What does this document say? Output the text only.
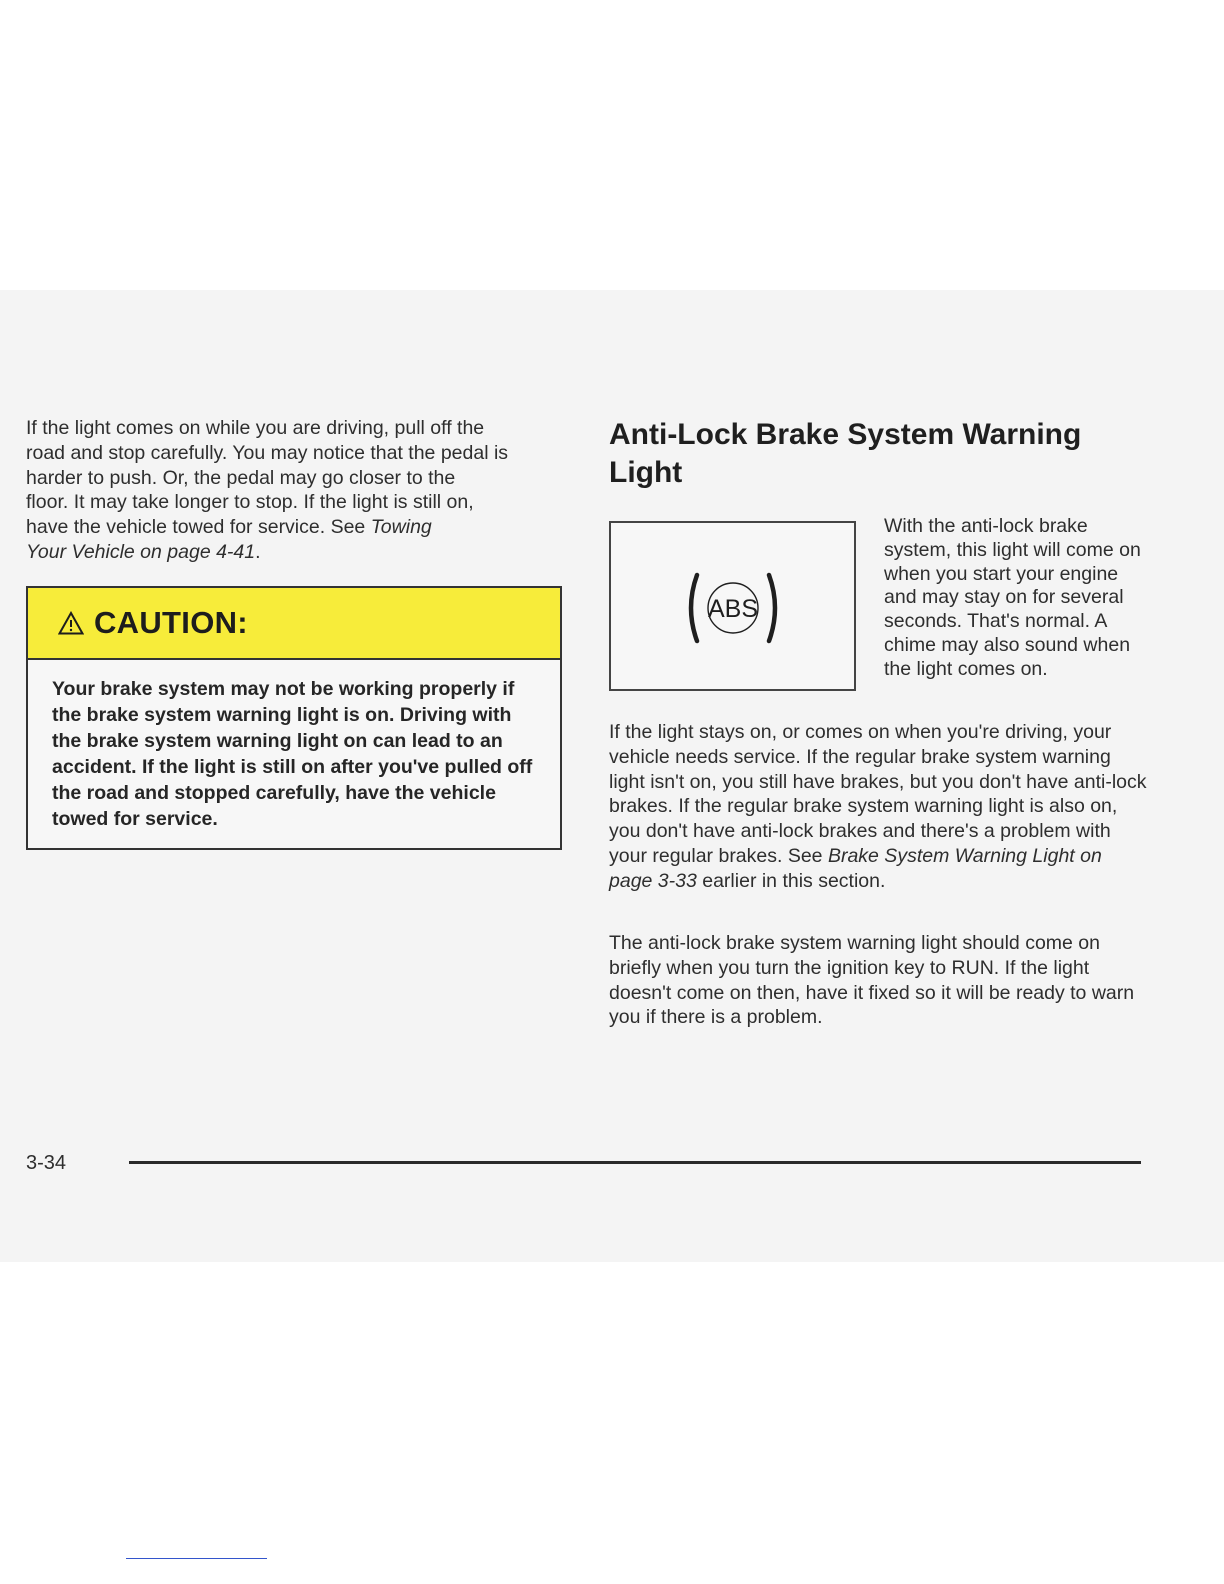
If the light comes on while you are driving, pull off the
road and stop carefully. You may notice that the pedal is
harder to push. Or, the pedal may go closer to the
floor. It may take longer to stop. If the light is still on,
have the vehicle towed for service. See Towing
Your Vehicle on page 4-41.

CAUTION:
Your brake system may not be working properly if the brake system warning light is on. Driving with the brake system warning light on can lead to an accident. If the light is still on after you've pulled off the road and stopped carefully, have the vehicle towed for service.
Anti-Lock Brake System Warning
Light
ABS

With the anti-lock brake system, this light will come on when you start your engine and may stay on for several seconds. That's normal. A chime may also sound when the light comes on.

If the light stays on, or comes on when you're driving, your vehicle needs service. If the regular brake system warning light isn't on, you still have brakes, but you don't have anti-lock brakes. If the regular brake system warning light is also on, you don't have anti-lock brakes and there's a problem with your regular brakes. See Brake System Warning Light on page 3-33 earlier in this section.

The anti-lock brake system warning light should come on briefly when you turn the ignition key to RUN. If the light doesn't come on then, have it fixed so it will be ready to warn you if there is a problem.

3-34
